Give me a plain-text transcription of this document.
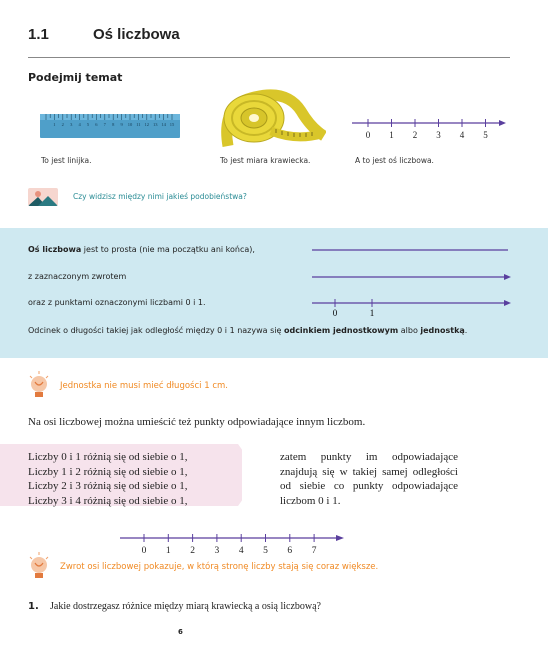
1.1	Oś liczbowa
Podejmij temat
1 2 3 4 5 6 7 8 9 10 11 12 13 14 15
0 1 2 3 4 5
To jest linijka.	To jest miara krawiecka.	A to jest oś liczbowa.
Czy widzisz między nimi jakieś podobieństwa?
Oś liczbowa jest to prosta (nie ma początku ani końca),
z zaznaczonym zwrotem
oraz z punktami oznaczonymi liczbami 0 i 1.
Odcinek o długości takiej jak odległość między 0 i 1 nazywa się odcinkiem jednostkowym albo jednostką.
0	1
Jednostka nie musi mieć długości 1 cm.
Na osi liczbowej można umieścić też punkty odpowiadające innym liczbom.
Liczby 0 i 1 różnią się od siebie o 1,
Liczby 1 i 2 różnią się od siebie o 1,
Liczby 2 i 3 różnią się od siebie o 1,
Liczby 3 i 4 różnią się od siebie o 1,
zatem punkty im odpowiadające znajdują się w takiej samej odległości od siebie co punkty odpowiadające liczbom 0 i 1.
0 1 2 3 4 5 6 7
Zwrot osi liczbowej pokazuje, w którą stronę liczby stają się coraz większe.
1. Jakie dostrzegasz różnice między miarą krawiecką a osią liczbową?
6
